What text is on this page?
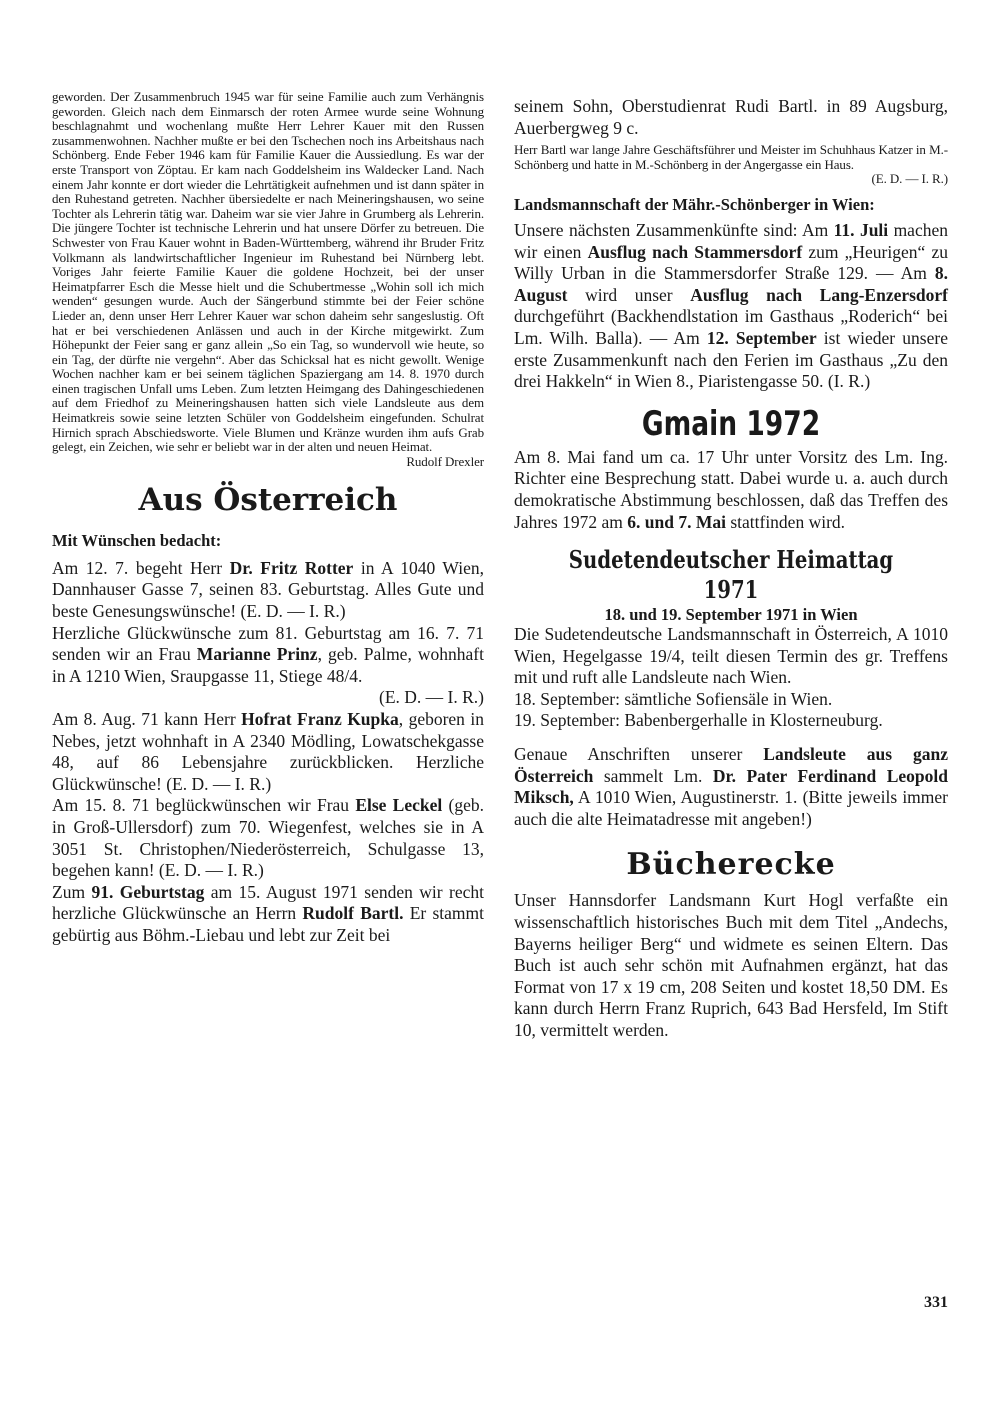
geworden. Der Zusammenbruch 1945 war für seine Familie auch zum Verhängnis geworden. Gleich nach dem Einmarsch der roten Armee wurde seine Wohnung beschlagnahmt und wochenlang mußte Herr Lehrer Kauer mit den Russen zusammenwohnen. Nachher mußte er bei den Tschechen noch ins Arbeitshaus nach Schönberg. Ende Feber 1946 kam für Familie Kauer die Aussiedlung. Es war der erste Transport von Zöptau. Er kam nach Goddelsheim ins Waldecker Land. Nach einem Jahr konnte er dort wieder die Lehrtätigkeit aufnehmen und ist dann später in den Ruhestand getreten. Nachher übersiedelte er nach Meineringshausen, wo seine Tochter als Lehrerin tätig war. Daheim war sie vier Jahre in Grumberg als Lehrerin. Die jüngere Tochter ist technische Lehrerin und hat unsere Dörfer zu betreuen. Die Schwester von Frau Kauer wohnt in Baden-Württemberg, während ihr Bruder Fritz Volkmann als landwirtschaftlicher Ingenieur im Ruhestand bei Nürnberg lebt. Voriges Jahr feierte Familie Kauer die goldene Hochzeit, bei der unser Heimatpfarrer Esch die Messe hielt und die Schubertmesse „Wohin soll ich mich wenden“ gesungen wurde. Auch der Sängerbund stimmte bei der Feier schöne Lieder an, denn unser Herr Lehrer Kauer war schon daheim sehr sangeslustig. Oft hat er bei verschiedenen Anlässen und auch in der Kirche mitgewirkt. Zum Höhepunkt der Feier sang er ganz allein „So ein Tag, so wundervoll wie heute, so ein Tag, der dürfte nie vergehn“. Aber das Schicksal hat es nicht gewollt. Wenige Wochen nachher kam er bei seinem täglichen Spaziergang am 14. 8. 1970 durch einen tragischen Unfall ums Leben. Zum letzten Heimgang des Dahingeschiedenen auf dem Friedhof zu Meineringshausen hatten sich viele Landsleute aus dem Heimatkreis sowie seine letzten Schüler von Goddelsheim eingefunden. Schulrat Hirnich sprach Abschiedsworte. Viele Blumen und Kränze wurden ihm aufs Grab gelegt, ein Zeichen, wie sehr er beliebt war in der alten und neuen Heimat.
Rudolf Drexler

Aus Österreich
Mit Wünschen bedacht:

Am 12. 7. begeht Herr Dr. Fritz Rotter in A 1040 Wien, Dannhauser Gasse 7, seinen 83. Geburtstag. Alles Gute und beste Genesungswünsche! (E. D. — I. R.)

Herzliche Glückwünsche zum 81. Geburtstag am 16. 7. 71 senden wir an Frau Marianne Prinz, geb. Palme, wohnhaft in A 1210 Wien, Sraupgasse 11, Stiege 48/4.

(E. D. — I. R.)

Am 8. Aug. 71 kann Herr Hofrat Franz Kupka, geboren in Nebes, jetzt wohnhaft in A 2340 Mödling, Lowatschekgasse 48, auf 86 Lebensjahre zurückblicken. Herzliche Glückwünsche! (E. D. — I. R.)

Am 15. 8. 71 beglückwünschen wir Frau Else Leckel (geb. in Groß-Ullersdorf) zum 70. Wiegenfest, welches sie in A 3051 St. Christophen/Niederösterreich, Schulgasse 13, begehen kann! (E. D. — I. R.)

Zum 91. Geburtstag am 15. August 1971 senden wir recht herzliche Glückwünsche an Herrn Rudolf Bartl. Er stammt gebürtig aus Böhm.-Liebau und lebt zur Zeit bei

seinem Sohn, Oberstudienrat Rudi Bartl. in 89 Augsburg, Auerbergweg 9 c.

Herr Bartl war lange Jahre Geschäftsführer und Meister im Schuhhaus Katzer in M.-Schönberg und hatte in M.-Schönberg in der Angergasse ein Haus.

(E. D. — I. R.)

Landsmannschaft der Mähr.-Schönberger in Wien:

Unsere nächsten Zusammenkünfte sind: Am 11. Juli machen wir einen Ausflug nach Stammersdorf zum „Heurigen“ zu Willy Urban in die Stammersdorfer Straße 129. — Am 8. August wird unser Ausflug nach Lang-Enzersdorf durchgeführt (Backhendlstation im Gasthaus „Roderich“ bei Lm. Wilh. Balla). — Am 12. September ist wieder unsere erste Zusammenkunft nach den Ferien im Gasthaus „Zu den drei Hakkeln“ in Wien 8., Piaristengasse 50. (I. R.)

Gmain 1972

Am 8. Mai fand um ca. 17 Uhr unter Vorsitz des Lm. Ing. Richter eine Besprechung statt. Dabei wurde u. a. auch durch demokratische Abstimmung beschlossen, daß das Treffen des Jahres 1972 am 6. und 7. Mai stattfinden wird.

Sudetendeutscher Heimattag 1971
18. und 19. September 1971 in Wien

Die Sudetendeutsche Landsmannschaft in Österreich, A 1010 Wien, Hegelgasse 19/4, teilt diesen Termin des gr. Treffens mit und ruft alle Landsleute nach Wien.

18. September: sämtliche Sofiensäle in Wien.

19. September: Babenbergerhalle in Klosterneuburg.

Genaue Anschriften unserer Landsleute aus ganz Österreich sammelt Lm. Dr. Pater Ferdinand Leopold Miksch, A 1010 Wien, Augustinerstr. 1. (Bitte jeweils immer auch die alte Heimatadresse mit angeben!)

Bücherecke

Unser Hannsdorfer Landsmann Kurt Hogl verfaßte ein wissenschaftlich historisches Buch mit dem Titel „Andechs, Bayerns heiliger Berg“ und widmete es seinen Eltern. Das Buch ist auch sehr schön mit Aufnahmen ergänzt, hat das Format von 17 x 19 cm, 208 Seiten und kostet 18,50 DM. Es kann durch Herrn Franz Ruprich, 643 Bad Hersfeld, Im Stift 10, vermittelt werden.

331
